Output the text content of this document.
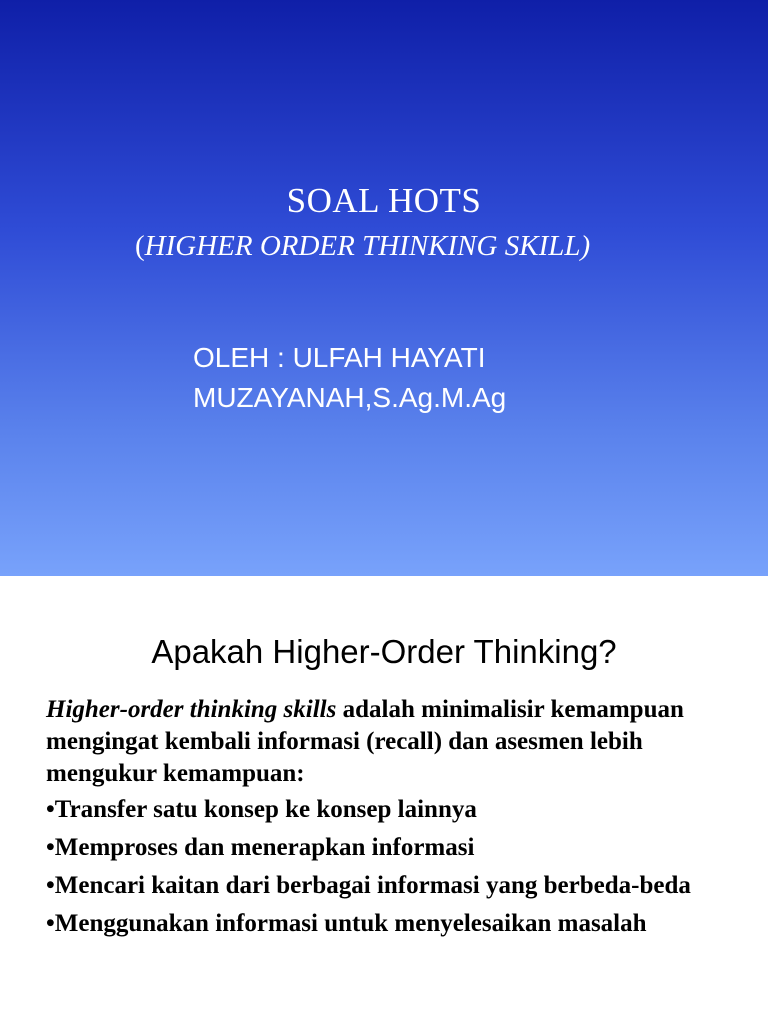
SOAL HOTS
(HIGHER ORDER THINKING SKILL)
OLEH : ULFAH HAYATI
MUZAYANAH,S.Ag.M.Ag
Apakah Higher-Order Thinking?

Higher-order thinking skills adalah minimalisir kemampuan mengingat kembali informasi (recall) dan asesmen lebih mengukur kemampuan:

•Transfer satu konsep ke konsep lainnya
•Memproses dan menerapkan informasi
•Mencari kaitan dari berbagai informasi yang berbeda-beda
•Menggunakan informasi untuk menyelesaikan masalah
